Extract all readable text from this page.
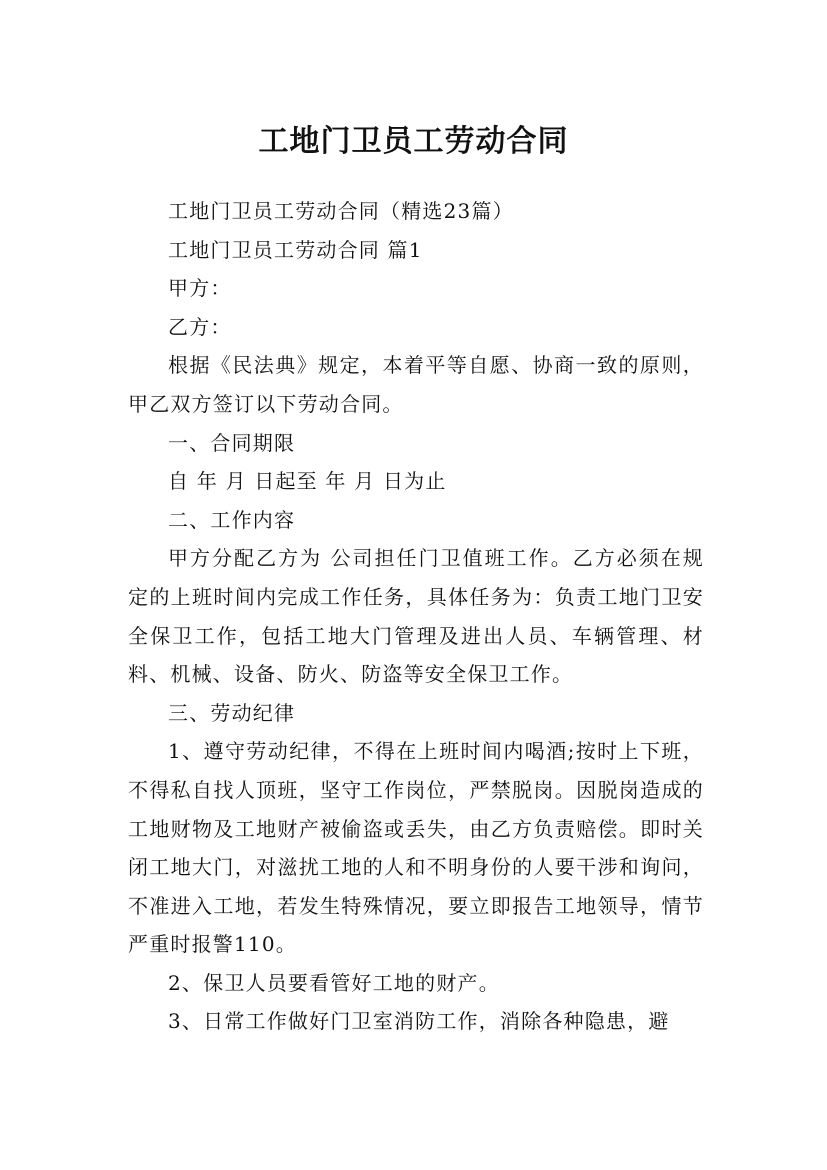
工地门卫员工劳动合同

工地门卫员工劳动合同（精选23篇）

工地门卫员工劳动合同 篇1

甲方：

乙方：

根据《民法典》规定，本着平等自愿、协商一致的原则，甲乙双方签订以下劳动合同。

一、合同期限

自 年 月 日起至 年 月 日为止

二、工作内容

甲方分配乙方为 公司担任门卫值班工作。乙方必须在规定的上班时间内完成工作任务，具体任务为：负责工地门卫安全保卫工作，包括工地大门管理及进出人员、车辆管理、材料、机械、设备、防火、防盗等安全保卫工作。

三、劳动纪律

1、遵守劳动纪律，不得在上班时间内喝酒;按时上下班，不得私自找人顶班，坚守工作岗位，严禁脱岗。因脱岗造成的工地财物及工地财产被偷盗或丢失，由乙方负责赔偿。即时关闭工地大门，对滋扰工地的人和不明身份的人要干涉和询问，不准进入工地，若发生特殊情况，要立即报告工地领导，情节严重时报警110。

2、保卫人员要看管好工地的财产。

3、日常工作做好门卫室消防工作，消除各种隐患，避
